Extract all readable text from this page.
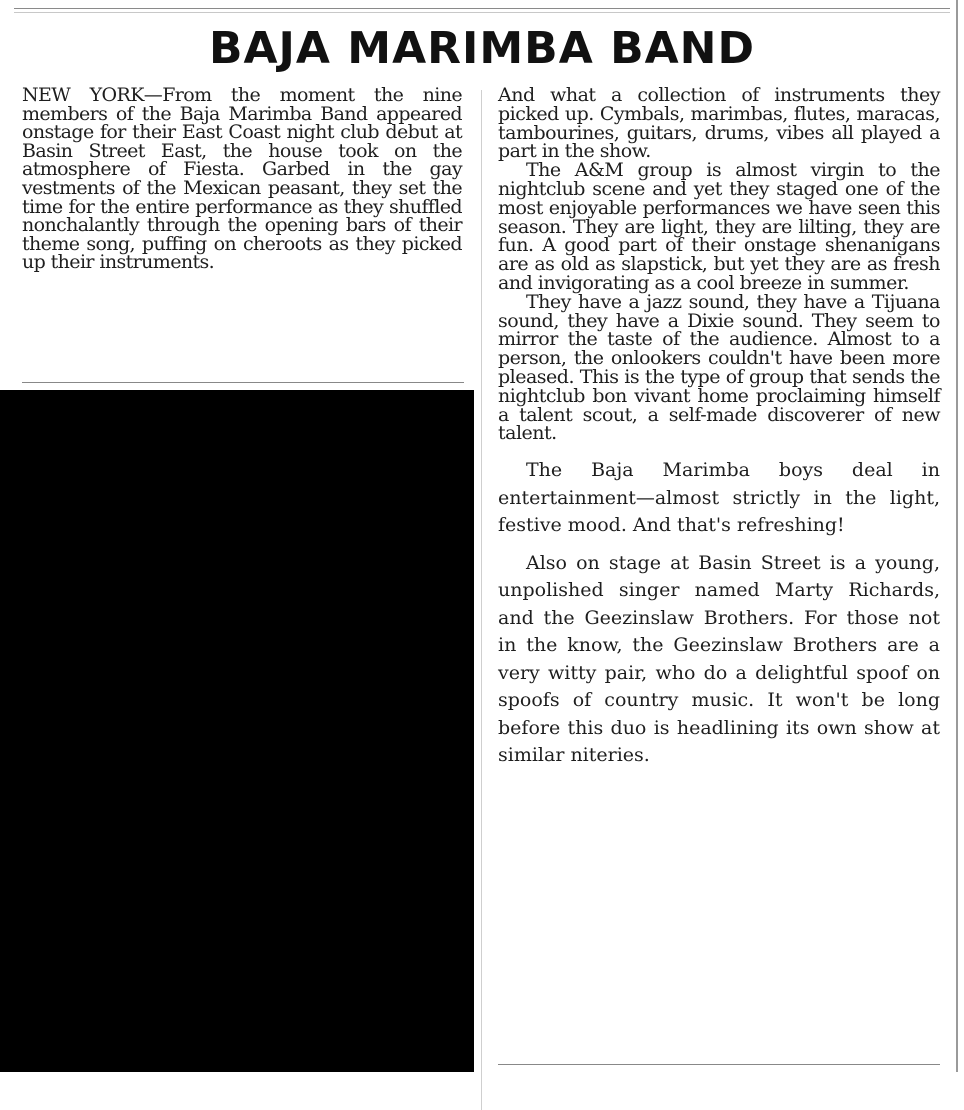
BAJA MARIMBA BAND

NEW YORK—From the moment the nine members of the Baja Marimba Band appeared onstage for their East Coast night club debut at Basin Street East, the house took on the atmosphere of Fiesta. Garbed in the gay vestments of the Mexican peasant, they set the time for the entire performance as they shuffled nonchalantly through the opening bars of their theme song, puffing on cheroots as they picked up their instruments.

And what a collection of instruments they picked up. Cymbals, marimbas, flutes, maracas, tambourines, guitars, drums, vibes all played a part in the show.

The A&M group is almost virgin to the nightclub scene and yet they staged one of the most enjoyable performances we have seen this season. They are light, they are lilting, they are fun. A good part of their onstage shenanigans are as old as slapstick, but yet they are as fresh and invigorating as a cool breeze in summer.

They have a jazz sound, they have a Tijuana sound, they have a Dixie sound. They seem to mirror the taste of the audience. Almost to a person, the onlookers couldn't have been more pleased. This is the type of group that sends the nightclub bon vivant home proclaiming himself a talent scout, a self-made discoverer of new talent.

The Baja Marimba boys deal in entertainment—almost strictly in the light, festive mood. And that's refreshing!

Also on stage at Basin Street is a young, unpolished singer named Marty Richards, and the Geezinslaw Brothers. For those not in the know, the Geezinslaw Brothers are a very witty pair, who do a delightful spoof on spoofs of country music. It won't be long before this duo is headlining its own show at similar niteries.
